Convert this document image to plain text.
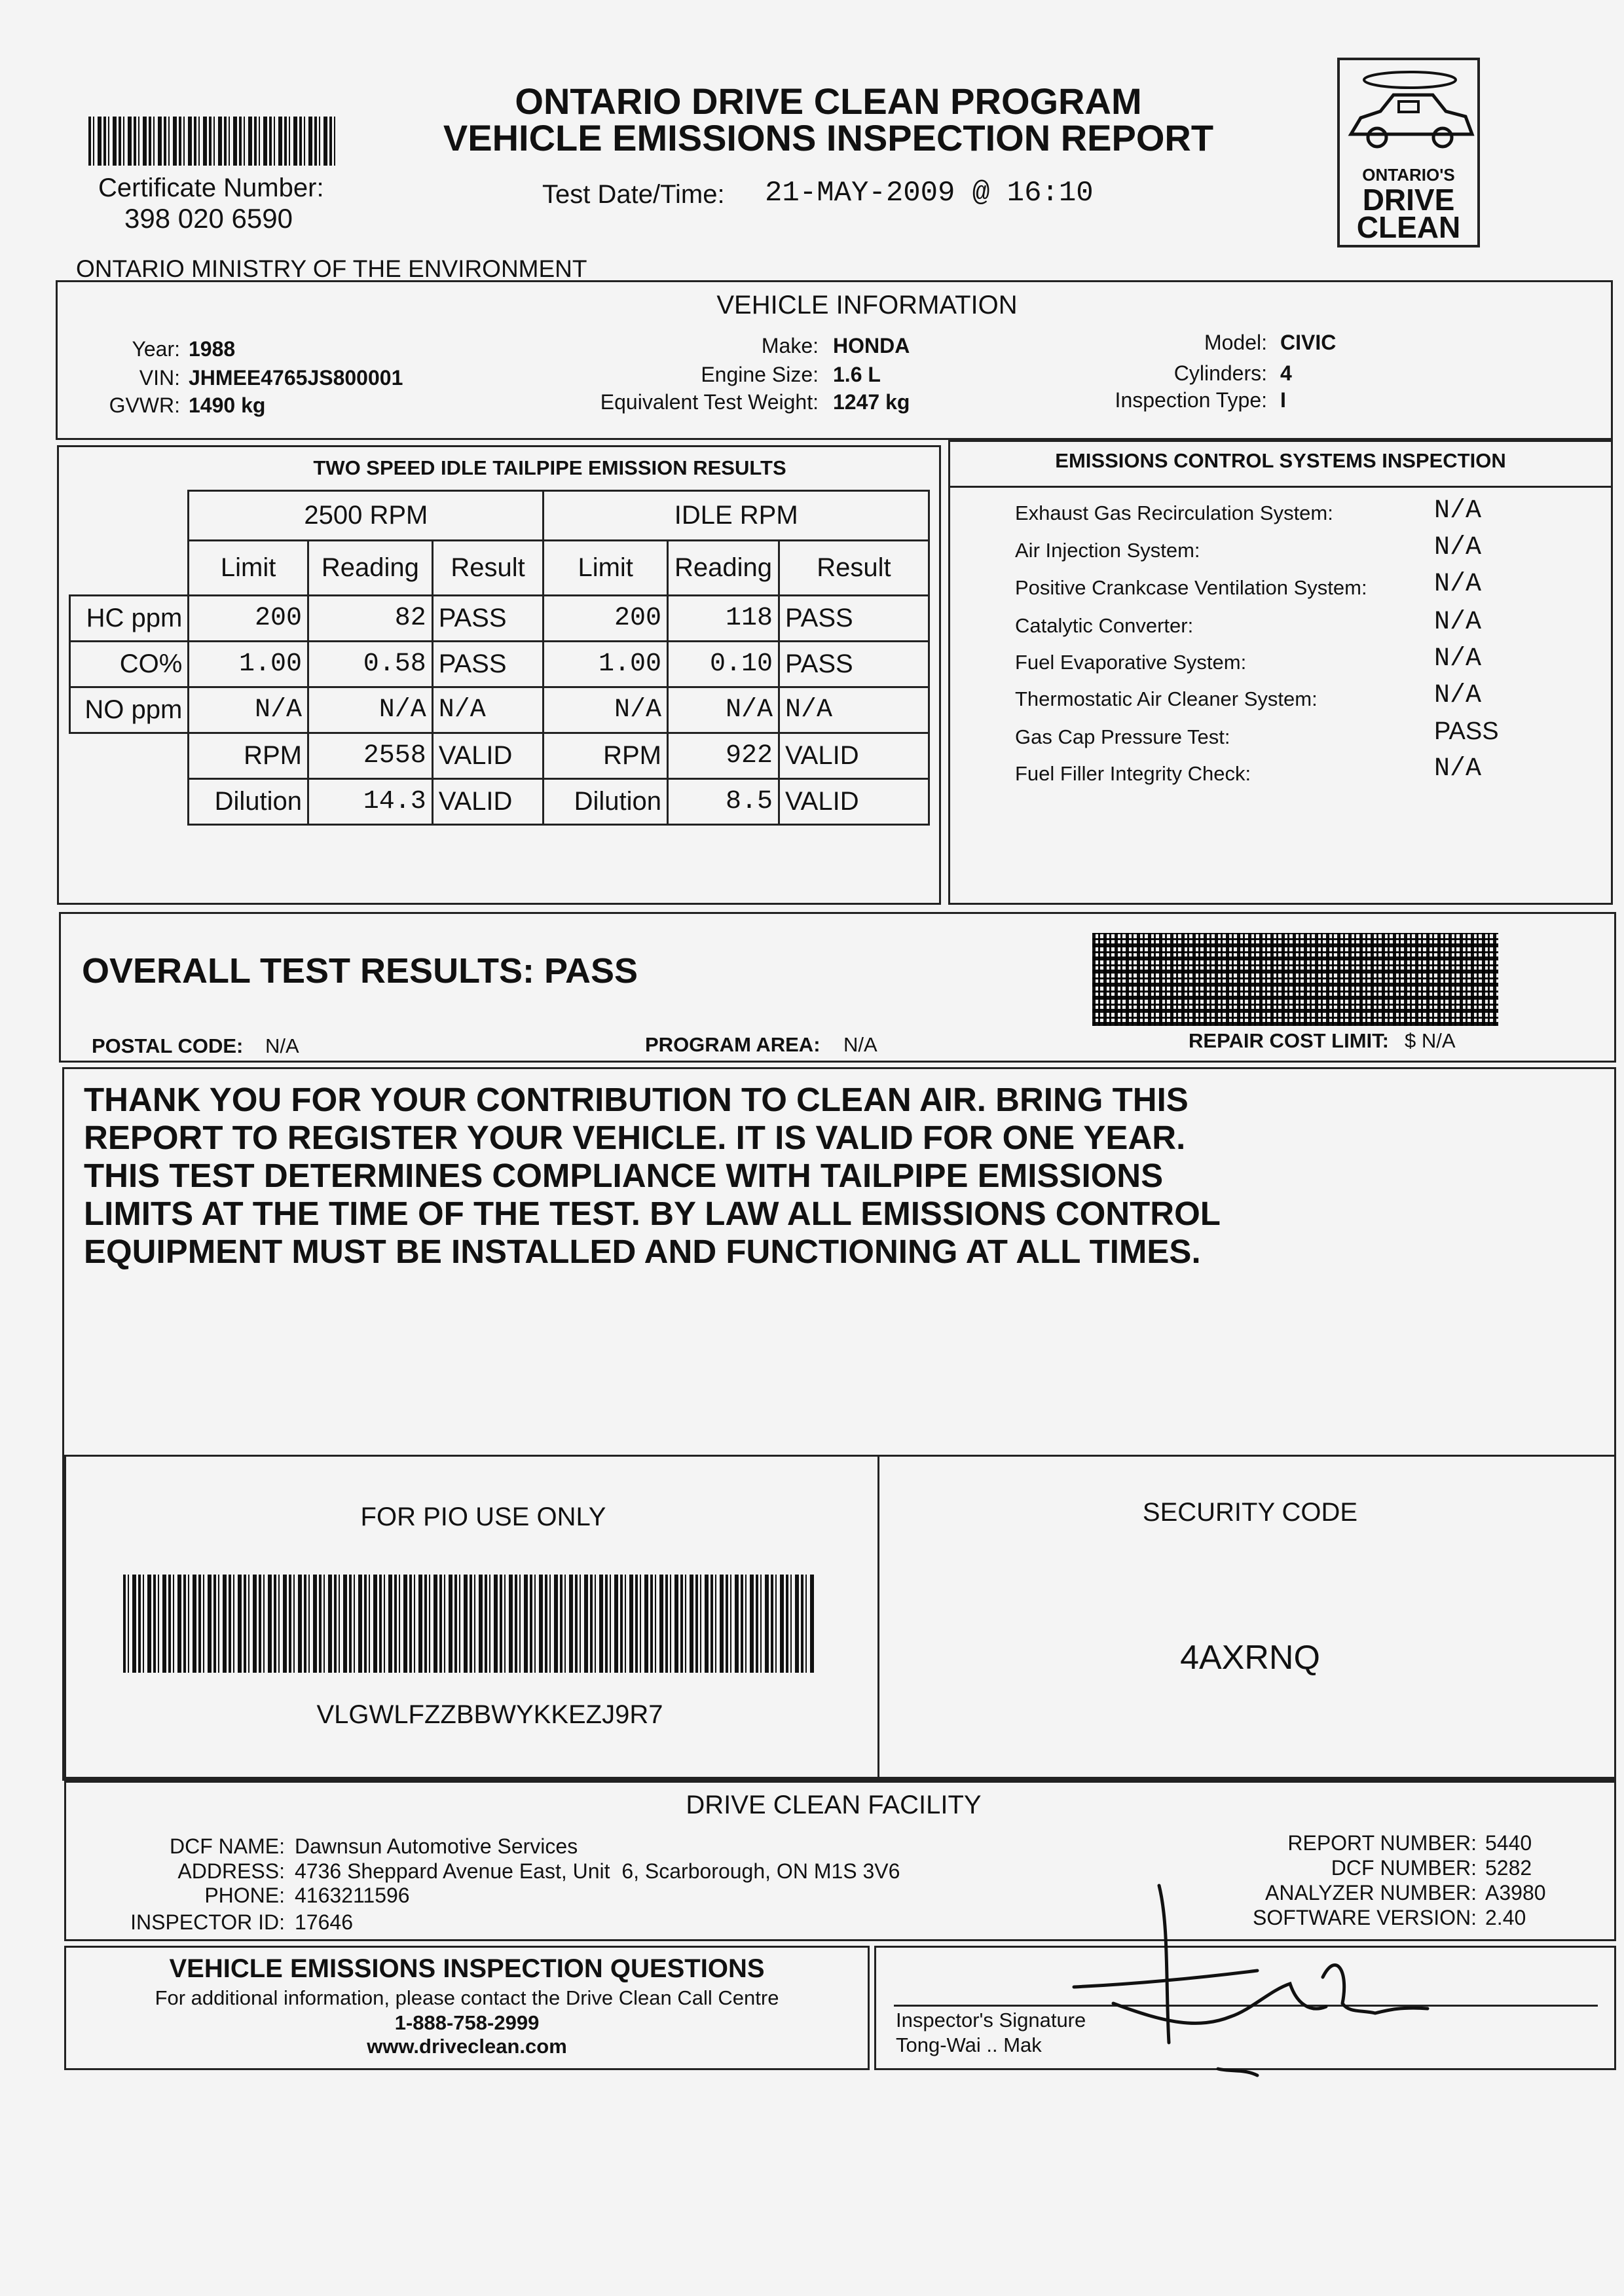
Certificate Number:
398 020 6590
ONTARIO DRIVE CLEAN PROGRAM
VEHICLE EMISSIONS INSPECTION REPORT
Test Date/Time: 21-MAY-2009 @ 16:10
ONTARIO'S
DRIVE
CLEAN
ONTARIO MINISTRY OF THE ENVIRONMENT
VEHICLE INFORMATION
Year: 1988
VIN: JHMEE4765JS800001
GVWR: 1490 kg
Make: HONDA
Engine Size: 1.6 L
Equivalent Test Weight: 1247 kg
Model: CIVIC
Cylinders: 4
Inspection Type: I
TWO SPEED IDLE TAILPIPE EMISSION RESULTS
	2500 RPM			IDLE RPM		
	Limit	Reading	Result	Limit	Reading	Result
HC ppm	200	82	PASS	200	118	PASS
CO%	1.00	0.58	PASS	1.00	0.10	PASS
NO ppm	N/A	N/A	N/A	N/A	N/A	N/A
	RPM	2558	VALID	RPM	922	VALID
	Dilution	14.3	VALID	Dilution	8.5	VALID
EMISSIONS CONTROL SYSTEMS INSPECTION
Exhaust Gas Recirculation System:	N/A
Air Injection System:	N/A
Positive Crankcase Ventilation System:	N/A
Catalytic Converter:	N/A
Fuel Evaporative System:	N/A
Thermostatic Air Cleaner System:	N/A
Gas Cap Pressure Test:	PASS
Fuel Filler Integrity Check:	N/A
OVERALL TEST RESULTS: PASS
POSTAL CODE: N/A	PROGRAM AREA: N/A	REPAIR COST LIMIT: $ N/A
THANK YOU FOR YOUR CONTRIBUTION TO CLEAN AIR. BRING THIS
REPORT TO REGISTER YOUR VEHICLE. IT IS VALID FOR ONE YEAR.
THIS TEST DETERMINES COMPLIANCE WITH TAILPIPE EMISSIONS
LIMITS AT THE TIME OF THE TEST. BY LAW ALL EMISSIONS CONTROL
EQUIPMENT MUST BE INSTALLED AND FUNCTIONING AT ALL TIMES.
FOR PIO USE ONLY
VLGWLFZZBBWYKKEZJ9R7
SECURITY CODE
4AXRNQ
DRIVE CLEAN FACILITY
DCF NAME: Dawnsun Automotive Services
ADDRESS: 4736 Sheppard Avenue East, Unit  6, Scarborough, ON M1S 3V6
PHONE: 4163211596
INSPECTOR ID: 17646
REPORT NUMBER: 5440
DCF NUMBER: 5282
ANALYZER NUMBER: A3980
SOFTWARE VERSION: 2.40
VEHICLE EMISSIONS INSPECTION QUESTIONS
For additional information, please contact the Drive Clean Call Centre
1-888-758-2999
www.driveclean.com
Inspector's Signature
Tong-Wai .. Mak
